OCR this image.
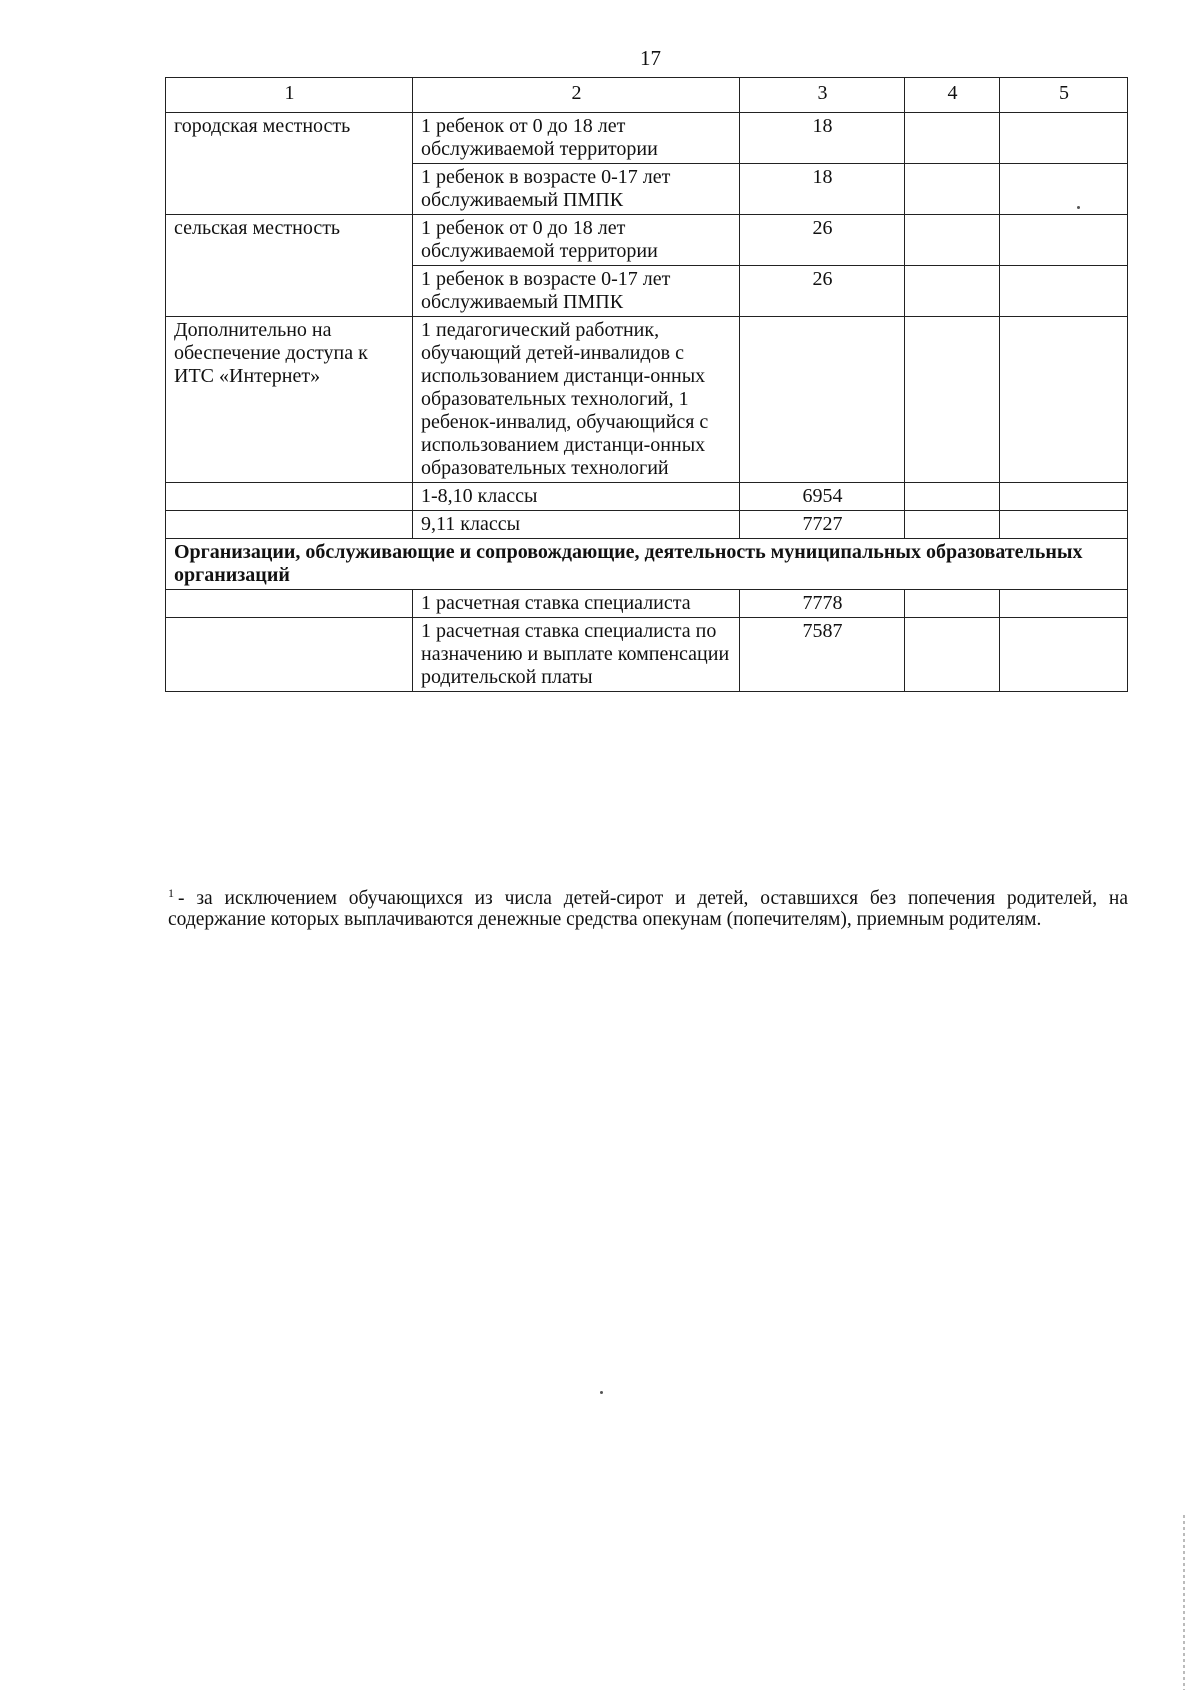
17
1	2	3	4	5
городская местность	1 ребенок от 0 до 18 лет обслуживаемой территории	18		
	1 ребенок в возрасте 0-17 лет обслуживаемый ПМПК	18		
сельская местность	1 ребенок от 0 до 18 лет обслуживаемой территории	26		
	1 ребенок в возрасте 0-17 лет обслуживаемый ПМПК	26		
Дополнительно на обеспечение доступа к ИТС «Интернет»	1 педагогический работник, обучающий детей-инвалидов с использованием дистанци-онных образовательных технологий, 1 ребенок-инвалид, обучающийся с использованием дистанци-онных образовательных технологий			
	1-8,10 классы	6954		
	9,11 классы	7727		
Организации, обслуживающие и сопровождающие, деятельность муниципальных образовательных организаций				
	1 расчетная ставка специалиста	7778		
	1 расчетная ставка специалиста по назначению и выплате компенсации родительской платы	7587		
$^1$ - за исключением обучающихся из числа детей-сирот и детей, оставшихся без попечения родителей, на содержание которых выплачиваются денежные средства опекунам (попечителям), приемным родителям.
